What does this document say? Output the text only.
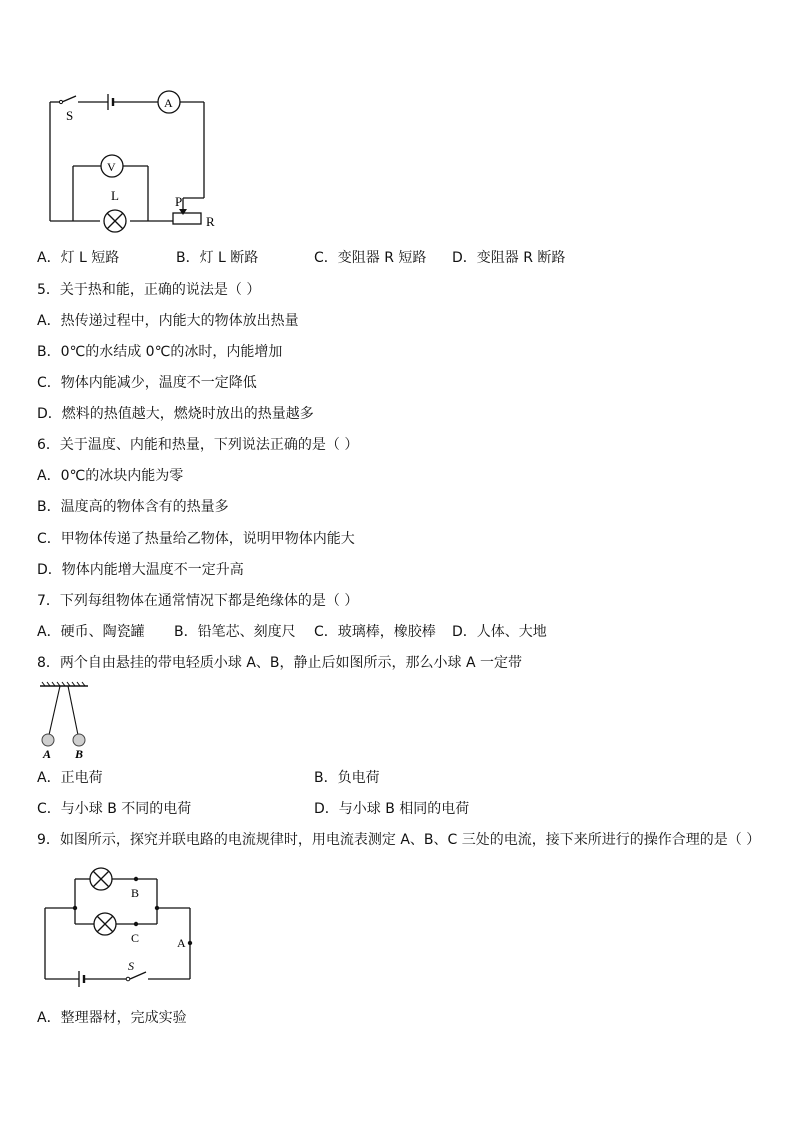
S
A
V
L	P
R
A．灯 L 短路	B．灯 L 断路	C．变阻器 R 短路 D．变阻器 R 断路
5．关于热和能，正确的说法是（ ）
A．热传递过程中，内能大的物体放出热量
B．0℃的水结成 0℃的冰时，内能增加
C．物体内能减少，温度不一定降低
D．燃料的热值越大，燃烧时放出的热量越多
6．关于温度、内能和热量，下列说法正确的是（ ）
A．0℃的冰块内能为零
B．温度高的物体含有的热量多
C．甲物体传递了热量给乙物体，说明甲物体内能大
D．物体内能增大温度不一定升高
7．下列每组物体在通常情况下都是绝缘体的是（ ）
A．硬币、陶瓷罐 B．铅笔芯、刻度尺 C．玻璃棒，橡胶棒 D．人体、大地
8．两个自由悬挂的带电轻质小球 A、B，静止后如图所示，那么小球 A 一定带
A B
A．正电荷	B．负电荷
C．与小球 B 不同的电荷	D．与小球 B 相同的电荷
9．如图所示，探究并联电路的电流规律时，用电流表测定 A、B、C 三处的电流，接下来所进行的操作合理的是（ ）
B
C	A
S
A．整理器材，完成实验
